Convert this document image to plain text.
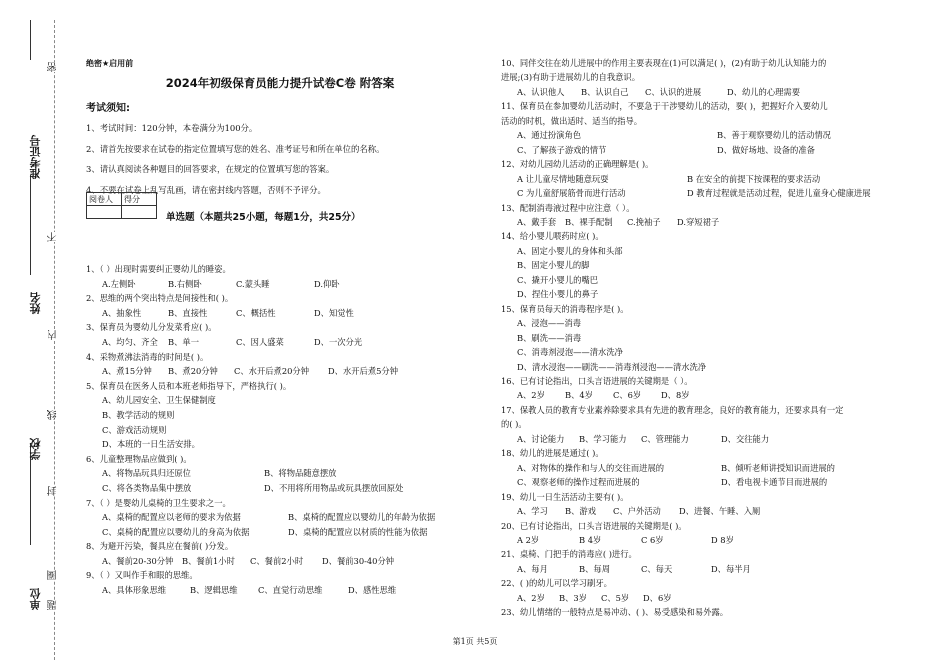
准考证号
姓名
学校
单位
密
不
内
线
封
圈
题
绝密★启用前
2024年初级保育员能力提升试卷C卷 附答案
考试须知:
1、考试时间：120分钟，本卷满分为100分。
2、请首先按要求在试卷的指定位置填写您的姓名、准考证号和所在单位的名称。
3、请认真阅读各种题目的回答要求，在规定的位置填写您的答案。
4、不要在试卷上乱写乱画，请在密封线内答题，否则不予评分。
阅卷人	得分

单选题（本题共25小题，每题1分，共25分）
1、（ ）出现时需要纠正婴幼儿的睡姿。
A.左侧卧	B.右侧卧	C.蒙头睡	D.仰卧
2、思维的两个突出特点是间接性和( )。
A、抽象性	B、直接性	C、概括性	D、知觉性
3、保育员为婴幼儿分发菜肴应( )。
A、均匀、齐全 B、单一	C、因人盛菜	D、一次分光
4、采物煮沸法消毒的时间是( )。
A、煮15分钟 B、煮20分钟 C、水开后煮20分钟 D、水开后煮5分钟
5、保育员在医务人员和本班老师指导下，严格执行( )。
A、幼儿园安全、卫生保健制度
B、教学活动的规则
C、游戏活动规则
D、本班的一日生活安排。
6、儿童整理物品应做到( )。
A、将物品玩具归还原位	B、将物品随意摆放
C、将各类物品集中摆放	D、不用将所用物品或玩具摆放回原处
7、（ ）是婴幼儿桌椅的卫生要求之一。
A、桌椅的配置应以老师的要求为依据	B、桌椅的配置应以婴幼儿的年龄为依据
C、桌椅的配置应以婴幼儿的身高为依据	D、桌椅的配置应以材质的性能为依据
8、为避开污染，餐具应在餐前( )分发。
A、餐前20-30分钟 B、餐前1小时 C、餐前2小时 D、餐前30-40分钟
9、（ ）又叫作手和眼的思维。
A、具体形象思维	B、逻辑思维 C、直觉行动思维	D、感性思维
10、同伴交往在幼儿进展中的作用主要表现在(1)可以满足( )，(2)有助于幼儿认知能力的
进展;(3)有助于进展幼儿的自我意识。
A、认识他人 B、认识自己 C、认识的进展	D、幼儿的心理需要
11、保育员在参加婴幼儿活动时，不要急于干涉婴幼儿的活动，要( )，把握好介入要幼儿
活动的时机，做出适时、适当的指导。
A、通过扮演角色	B、善于观察婴幼儿的活动情况
C、了解孩子游戏的情节	D、做好场地、设备的准备
12、对幼儿园幼儿活动的正确理解是( )。
A 让儿童尽情地随意玩耍	B 在安全的前提下按课程的要求活动
C 为儿童舒展筋骨而进行活动	D 教育过程就是活动过程，促进儿童身心健康进展
13、配制消毒液过程中应注意（ ）。
A、戴手套 B、裸手配制 C.挽袖子 D.穿短裙子
14、给小婴儿喂药时应( )。
A、固定小婴儿的身体和头部
B、固定小婴儿的脚
C、撬开小婴儿的嘴巴
D、捏住小婴儿的鼻子
15、保育员每天的消毒程序是( )。
A、浸泡——消毒
B、刷洗——消毒
C、消毒剂浸泡——清水洗净
D、清水浸泡——刷洗——消毒剂浸泡——清水洗净
16、已有讨论指出，口头言语进展的关键期是（ ）。
A、2岁 B、4岁 C、6岁 D、8岁
17、保教人员的教育专业素养除要求具有先进的教育理念，良好的教育能力，还要求具有一定
的( )。
A、讨论能力 B、学习能力 C、管理能力	D、交往能力
18、幼儿的进展是通过( )。
A、对物体的操作和与人的交往而进展的	B、倾听老师讲授知识而进展的
C、观察老师的操作过程而进展的	D、看电视卡通节目而进展的
19、幼儿一日生活活动主要有( )。
A、学习 B、游戏 C、户外活动 D、进餐、午睡、入厕
20、已有讨论指出，口头言语进展的关键期是( )。
A 2岁	B 4岁	C 6岁	D 8岁
21、桌椅、门把手的消毒应( )进行。
A、每月	B、每周	C、每天	D、每半月
22、( )的幼儿可以学习刷牙。
A、2岁 B、3岁 C、5岁 D、6岁
23、幼儿情绪的一般特点是易冲动、( )、易受感染和易外露。
第1页 共5页
